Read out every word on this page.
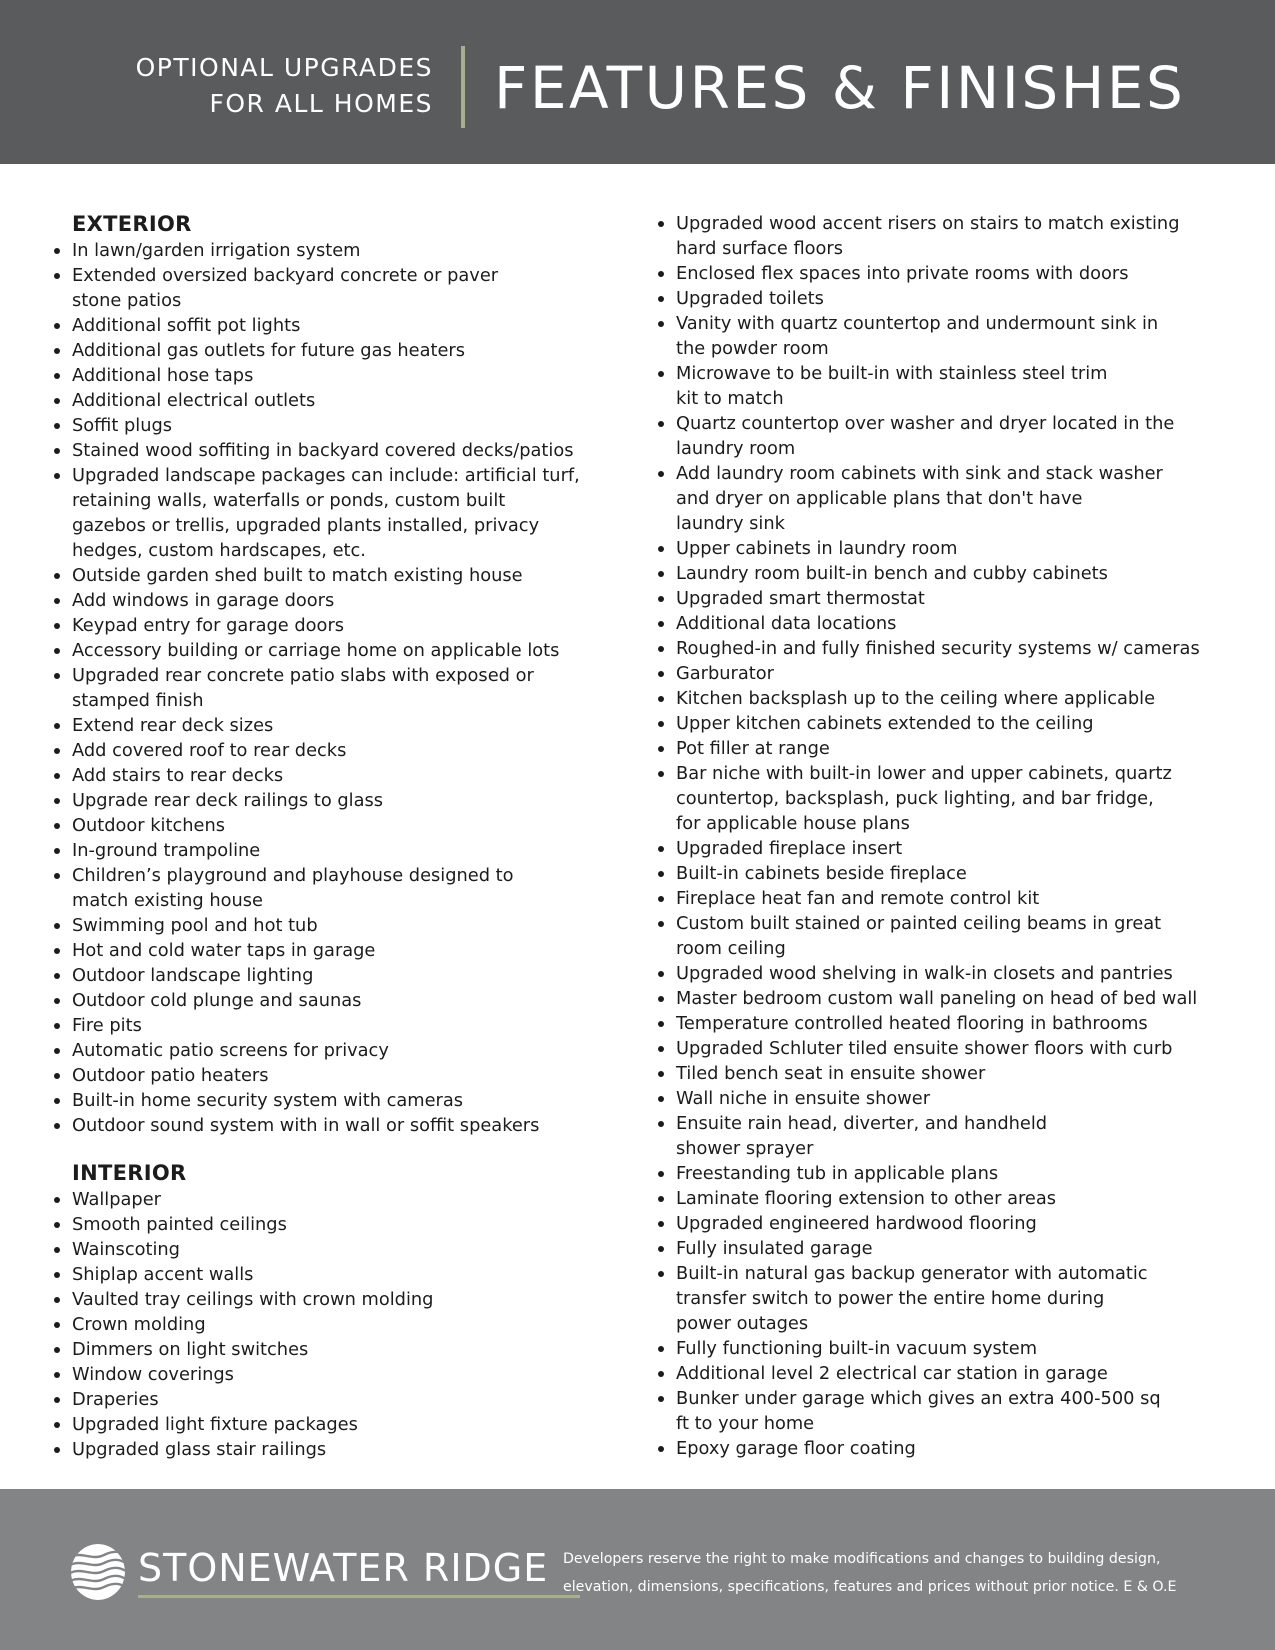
OPTIONAL UPGRADES
FOR ALL HOMES FEATURES & FINISHES
EXTERIOR
In lawn/garden irrigation system
Extended oversized backyard concrete or paver
stone patios
Additional soffit pot lights
Additional gas outlets for future gas heaters
Additional hose taps
Additional electrical outlets
Soffit plugs
Stained wood soffiting in backyard covered decks/patios
Upgraded landscape packages can include: artificial turf,
retaining walls, waterfalls or ponds, custom built
gazebos or trellis, upgraded plants installed, privacy
hedges, custom hardscapes, etc.
Outside garden shed built to match existing house
Add windows in garage doors
Keypad entry for garage doors
Accessory building or carriage home on applicable lots
Upgraded rear concrete patio slabs with exposed or
stamped finish
Extend rear deck sizes
Add covered roof to rear decks
Add stairs to rear decks
Upgrade rear deck railings to glass
Outdoor kitchens
In-ground trampoline
Children’s playground and playhouse designed to
match existing house
Swimming pool and hot tub
Hot and cold water taps in garage
Outdoor landscape lighting
Outdoor cold plunge and saunas
Fire pits
Automatic patio screens for privacy
Outdoor patio heaters
Built-in home security system with cameras
Outdoor sound system with in wall or soffit speakers
INTERIOR
Wallpaper
Smooth painted ceilings
Wainscoting
Shiplap accent walls
Vaulted tray ceilings with crown molding
Crown molding
Dimmers on light switches
Window coverings
Draperies
Upgraded light fixture packages
Upgraded glass stair railings
Upgraded wood accent risers on stairs to match existing
hard surface floors
Enclosed flex spaces into private rooms with doors
Upgraded toilets
Vanity with quartz countertop and undermount sink in
the powder room
Microwave to be built-in with stainless steel trim
kit to match
Quartz countertop over washer and dryer located in the
laundry room
Add laundry room cabinets with sink and stack washer
and dryer on applicable plans that don't have
laundry sink
Upper cabinets in laundry room
Laundry room built-in bench and cubby cabinets
Upgraded smart thermostat
Additional data locations
Roughed-in and fully finished security systems w/ cameras
Garburator
Kitchen backsplash up to the ceiling where applicable
Upper kitchen cabinets extended to the ceiling
Pot filler at range
Bar niche with built-in lower and upper cabinets, quartz
countertop, backsplash, puck lighting, and bar fridge,
for applicable house plans
Upgraded fireplace insert
Built-in cabinets beside fireplace
Fireplace heat fan and remote control kit
Custom built stained or painted ceiling beams in great
room ceiling
Upgraded wood shelving in walk-in closets and pantries
Master bedroom custom wall paneling on head of bed wall
Temperature controlled heated flooring in bathrooms
Upgraded Schluter tiled ensuite shower floors with curb
Tiled bench seat in ensuite shower
Wall niche in ensuite shower
Ensuite rain head, diverter, and handheld
shower sprayer
Freestanding tub in applicable plans
Laminate flooring extension to other areas
Upgraded engineered hardwood flooring
Fully insulated garage
Built-in natural gas backup generator with automatic
transfer switch to power the entire home during
power outages
Fully functioning built-in vacuum system
Additional level 2 electrical car station in garage
Bunker under garage which gives an extra 400-500 sq
ft to your home
Epoxy garage floor coating
STONEWATER RIDGE Developers reserve the right to make modifications and changes to building design,
elevation, dimensions, specifications, features and prices without prior notice. E & O.E
